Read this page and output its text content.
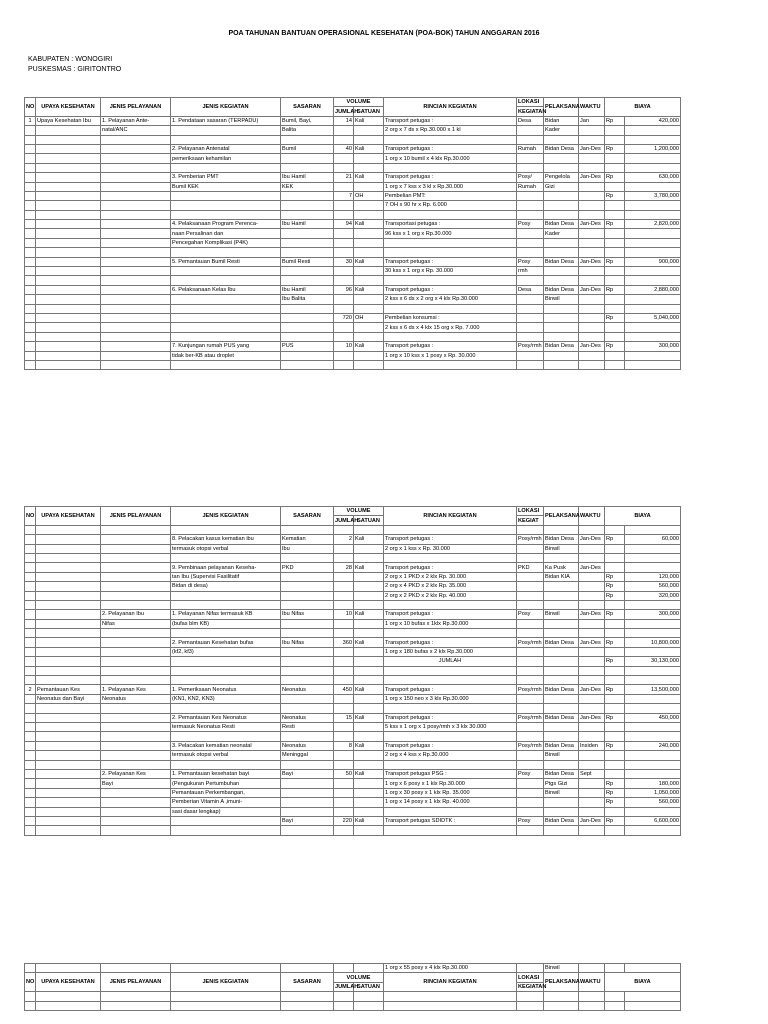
POA TAHUNAN BANTUAN OPERASIONAL KESEHATAN (POA-BOK) TAHUN ANGGARAN 2016
KABUPATEN : WONOGIRI
PUSKESMAS : GIRITONTRO
NO	UPAYA KESEHATAN	JENIS PELAYANAN	JENIS KEGIATAN	SASARAN	VOLUME		RINCIAN KEGIATAN	LOKASI	PELAKSANA	WAKTU	BIAYA	
					JUMLAH	SATUAN		KEGIATAN				
1	Upaya Kesehatan Ibu	1. Pelayanan Ante-	1. Pendataan sasaran (TERPADU)	Bumil, Bayi,	14	Kali	Transport petugas :	Desa	Bidan	Jan	Rp	420,000
		natal/ANC		Balita			2 org x 7 ds x Rp.30.000 x 1 kl		Kader			

			2. Pelayanan Antenatal	Bumil	40	Kali	Transport petugas :	Rumah	Bidan Desa	Jan-Des	Rp	1,200,000
			pemeriksaan kehamilan				1 org x 10 bumil x 4 klx Rp.30.000					

			3. Pemberian PMT	Ibu Hamil	21	Kali	Transport petugas :	Posy/	Pengelola	Jan-Des	Rp	630,000
			Bumil KEK	KEK			1 org x 7 kss x 3 kl x Rp.30.000	Rumah	Gizi			
					7	OH	Pembelian PMT:				Rp	3,780,000
							7 OH x 90 hr x Rp. 6.000					

			4. Pelaksanaan Program Perenca-	Ibu Hamil	94	Kali	Transportasi petugas :	Posy	Bidan Desa	Jan-Des	Rp	2,820,000
			naan Persalinan dan				96 kss x 1 org x Rp.30.000		Kader			
			Pencegahan Komplikasi (P4K)									

			5. Pemantauan Bumil Resti	Bumil Resti	30	Kali	Transport petugas :	Posy	Bidan Desa	Jan-Des	Rp	900,000
							30 kss x 1 org x Rp. 30.000	rmh				

			6. Pelaksanaan Kelas Ibu	Ibu Hamil	96	Kali	Transport petugas :	Desa	Bidan Desa	Jan-Des	Rp	2,880,000
				Ibu Balita			2 kss x 6 ds x 2 org x 4 klx Rp.30.000		Binwil			

					720	OH	Pembelian konsumsi :				Rp	5,040,000
							2 kss x 6 ds x 4 klx 15 org x Rp. 7.000					

			7. Kunjungan rumah PUS yang	PUS	10	Kali	Transport petugas :	Posy/rmh	Bidan Desa	Jan-Des	Rp	300,000
			tidak ber-KB atau droplet				1 org x 10 kss x 1 posy x Rp. 30.000					

NO	UPAYA KESEHATAN	JENIS PELAYANAN	JENIS KEGIATAN	SASARAN	VOLUME		RINCIAN KEGIATAN	LOKASI	PELAKSANA	WAKTU	BIAYA	
					JUMLAH	SATUAN		KEGIAT				

			8. Pelacakan kasus kematian ibu	Kematian	2	Kali	Transport petugas :	Posy/rmh	Bidan Desa	Jan-Des	Rp	60,000
			termasuk otopsi verbal	Ibu			2 org x 1 kss x Rp. 30.000		Binwil			

			9. Pembinaan pelayanan Keseha-	PKD	28	Kali	Transport petugas :	PKD	Ka Pusk	Jan-Des		
			tan Ibu (Supervisi Fasilitatif				2 org x 1 PKD x 2 klx Rp. 30.000		Bidan KIA		Rp	120,000
			Bidan di desa)				2 org x 4 PKD x 2 klx Rp. 35.000				Rp	560,000
							2 org x 2 PKD x 2 klx Rp. 40.000				Rp	320,000

		2. Pelayanan Ibu	1. Pelayanan Nifas termasuk KB	Ibu Nifas	10	Kali	Transport petugas :	Posy	Binwil	Jan-Des	Rp	300,000
		Nifas	(bufas blm KB)				1 org x 10 bufas x 1klx Rp.30.000					

			2. Pemantauan Kesehatan bufas	Ibu Nifas	360	Kali	Transport petugas :	Posy/rmh	Bidan Desa	Jan-Des	Rp	10,800,000
			(kf2, kf3)				1 org x 180 bufas x 2 klx Rp.30.000					
							JUMLAH				Rp	30,130,000

2	Pemantauan Kes	1. Pelayanan Kes	1. Pemeriksaan Neonatus	Neonatus	450	Kali	Transport petugas :	Posy/rmh	Bidan Desa	Jan-Des	Rp	13,500,000
	Neonatus dan Bayi	Neonatus	(KN1, KN2, KN3)				1 org x 150 neo x 3 klx Rp.30.000					

			2. Pemantauan Kes Neonatus	Neonatus	15	Kali	Transport petugas :	Posy/rmh	Bidan Desa	Jan-Des	Rp	450,000
			termasuk Neonatus Resti	Resti			5 kss x 1 org x 1 posy/rmh x 3 klx 30.000					

			3. Pelacakan kematian neonatal	Neonatus	8	Kali	Transport petugas :	Posy/rmh	Bidan Desa	Insiden	Rp	240,000
			termasuk otopsi verbal	Meninggal			2 org x 4 kss x Rp.30.000		Binwil			

		2. Pelayanan Kes	1. Pemantauan kesehatan bayi	Bayi	50	Kali	Transport petugas PSG :	Posy	Bidan Desa	Sept		
		Bayi	(Pengukuran Pertumbuhan				1 org x 6 posy x 1 klx Rp.30.000		Ptgs Gizi		Rp	180,000
			Pemantauan Perkembangan,				1 org x 30 posy x 1 klx Rp. 35.000		Binwil		Rp	1,050,000
			Pemberian Vitamin A ,imuni-				1 org x 14 posy x 1 klx Rp. 40.000				Rp	560,000
			sasi dasar lengkap)									
				Bayi	220	Kali	Transport petugas SDIDTK :	Posy	Bidan Desa	Jan-Des	Rp	6,600,000

							1 org x 55 posy x 4 klx Rp.30.000		Binwil			
NO	UPAYA KESEHATAN	JENIS PELAYANAN	JENIS KEGIATAN	SASARAN	VOLUME		RINCIAN KEGIATAN	LOKASI	PELAKSANA	WAKTU	BIAYA	
					JUMLAH	SATUAN		KEGIATAN				
